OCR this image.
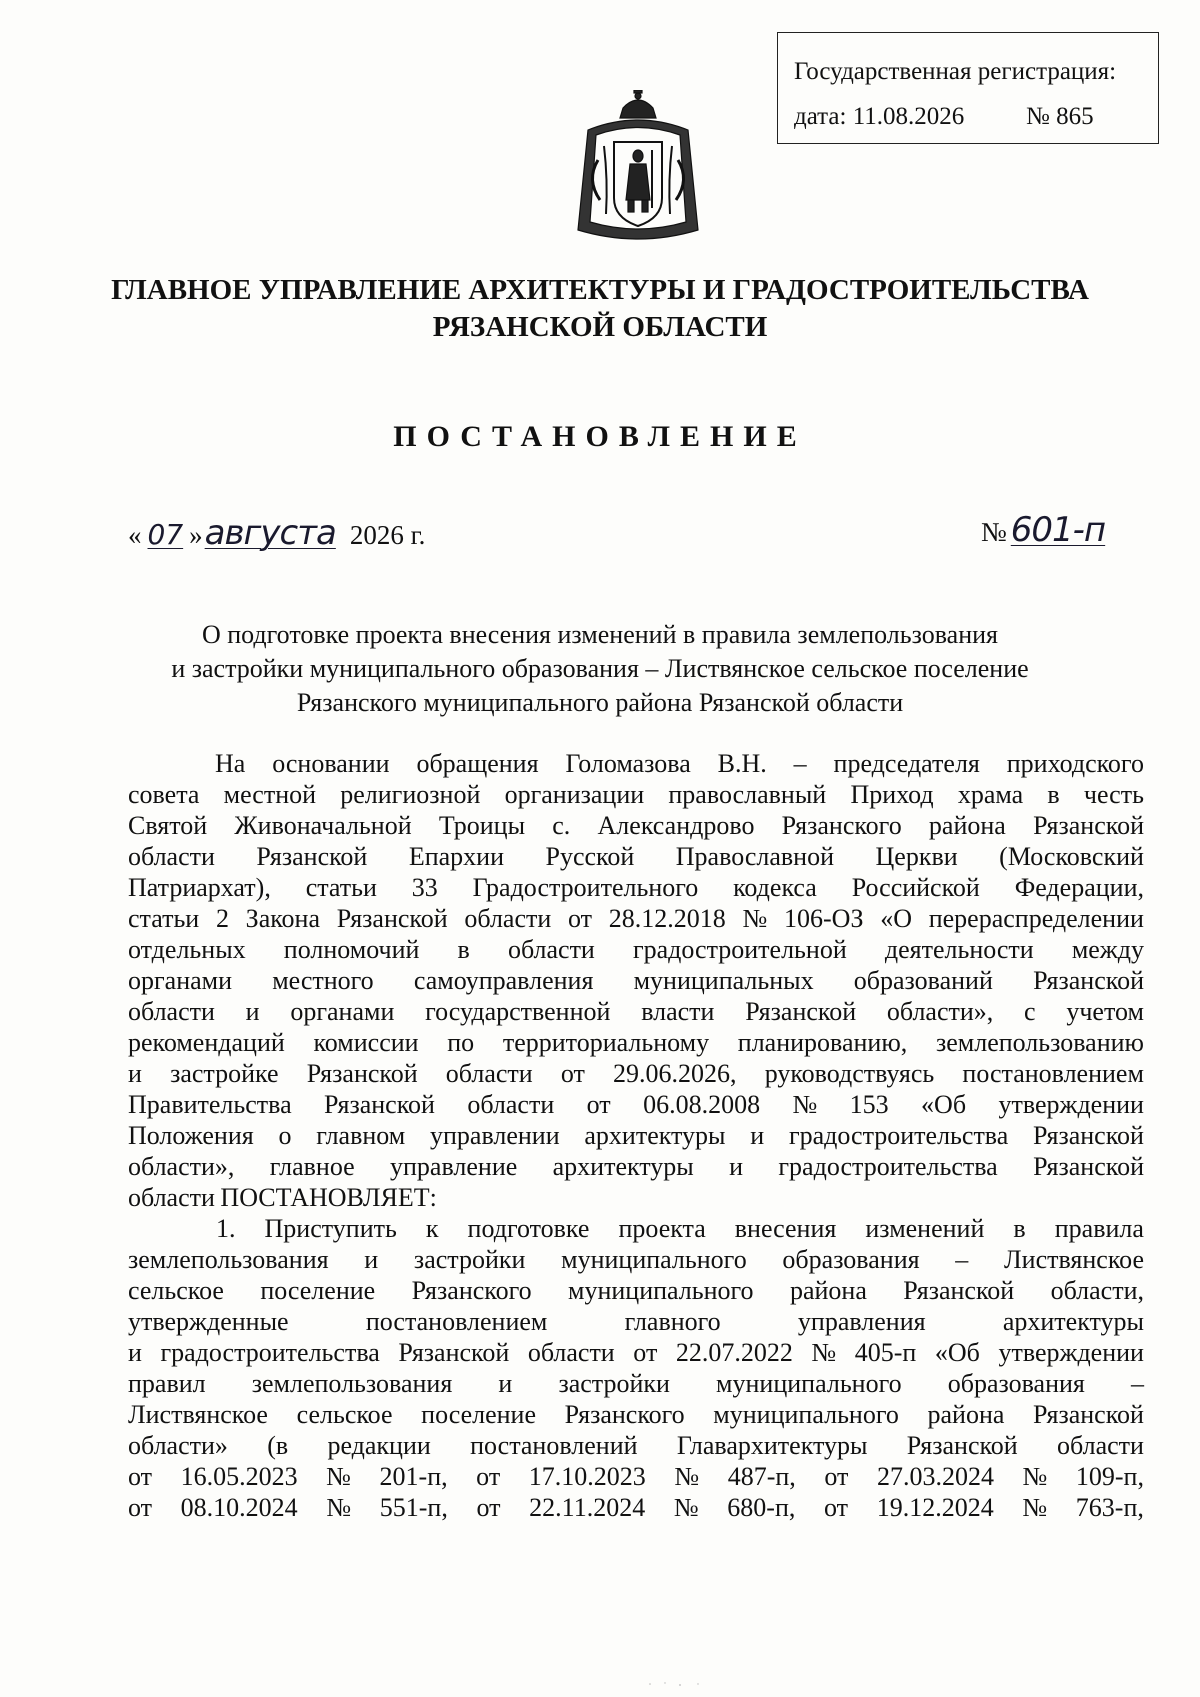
Государственная регистрация:
дата: 11.08.2026 № 865
ГЛАВНОЕ УПРАВЛЕНИЕ АРХИТЕКТУРЫ И ГРАДОСТРОИТЕЛЬСТВА
РЯЗАНСКОЙ ОБЛАСТИ
ПОСТАНОВЛЕНИЕ
« 07 »августа 2026 г.	№ 601-п
О подготовке проекта внесения изменений в правила землепользования
и застройки муниципального образования – Листвянское сельское поселение
Рязанского муниципального района Рязанской области
На основании обращения Голомазова В.Н. – председателя приходского
совета местной религиозной организации православный Приход храма в честь
Святой Живоначальной Троицы с. Александрово Рязанского района Рязанской
области Рязанской Епархии Русской Православной Церкви (Московский
Патриархат), статьи 33 Градостроительного кодекса Российской Федерации,
статьи 2 Закона Рязанской области от 28.12.2018 № 106-ОЗ «О перераспределении
отдельных полномочий в области градостроительной деятельности между
органами местного самоуправления муниципальных образований Рязанской
области и органами государственной власти Рязанской области», с учетом
рекомендаций комиссии по территориальному планированию, землепользованию
и застройке Рязанской области от 29.06.2026, руководствуясь постановлением
Правительства Рязанской области от 06.08.2008 № 153 «Об утверждении
Положения о главном управлении архитектуры и градостроительства Рязанской
области», главное управление архитектуры и градостроительства Рязанской
области ПОСТАНОВЛЯЕТ:
1. Приступить к подготовке проекта внесения изменений в правила
землепользования и застройки муниципального образования – Листвянское
сельское поселение Рязанского муниципального района Рязанской области,
утвержденные	постановлением	главного	управления	архитектуры
и градостроительства Рязанской области от 22.07.2022 № 405-п «Об утверждении
правил землепользования и застройки муниципального образования –
Листвянское сельское поселение Рязанского муниципального района Рязанской
области» (в редакции постановлений Главархитектуры Рязанской области
от 16.05.2023 № 201-п, от 17.10.2023 № 487-п, от 27.03.2024 № 109-п,
от 08.10.2024 № 551-п, от 22.11.2024 № 680-п, от 19.12.2024 № 763-п,
